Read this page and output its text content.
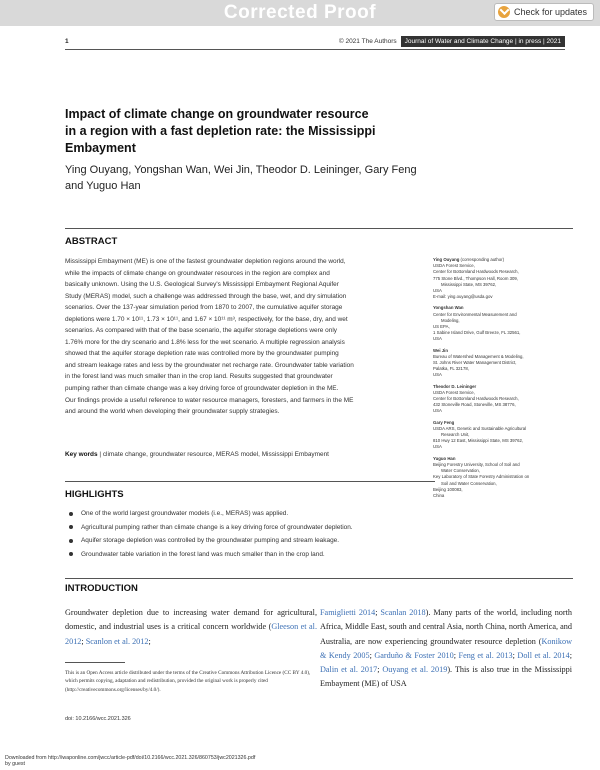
Corrected Proof	Check for updates
1	© 2021 The Authors	Journal of Water and Climate Change | in press | 2021
Impact of climate change on groundwater resource
in a region with a fast depletion rate: the Mississippi
Embayment
Ying Ouyang, Yongshan Wan, Wei Jin, Theodor D. Leininger, Gary Feng
and Yuguo Han
ABSTRACT
Mississippi Embayment (ME) is one of the fastest groundwater depletion regions around the world,
while the impacts of climate change on groundwater resources in the region are complex and
basically unknown. Using the U.S. Geological Survey's Mississippi Embayment Regional Aquifer
Study (MERAS) model, such a challenge was addressed through the base, wet, and dry simulation
scenarios. Over the 137-year simulation period from 1870 to 2007, the cumulative aquifer storage
depletions were 1.70 × 10¹¹, 1.73 × 10¹¹, and 1.67 × 10¹¹ m³, respectively, for the base, dry, and wet
scenarios. As compared with that of the base scenario, the aquifer storage depletions were only
1.76% more for the dry scenario and 1.8% less for the wet scenario. A multiple regression analysis
showed that the aquifer storage depletion rate was controlled more by the groundwater pumping
and stream leakage rates and less by the groundwater net recharge rate. Groundwater table variation
in the forest land was much smaller than in the crop land. Results suggested that groundwater
pumping rather than climate change was a key driving force of groundwater depletion in the ME.
Our findings provide a useful reference to water resource managers, foresters, and farmers in the ME
and around the world when developing their groundwater supply strategies.
Key words | climate change, groundwater resource, MERAS model, Mississippi Embayment
Ying Ouyang (corresponding author)
USDA Forest Service,
Center for Bottomland Hardwoods Research,
775 Stone Blvd., Thompson Hall, Room 309,
Mississippi State, MS 39762,
USA
E-mail: ying.ouyang@usda.gov
Yongshan Wan
Center for Environmental Measurement and
Modeling,
US EPA,
1 Sabine Island Drive, Gulf Breeze, FL 32561,
USA
Wei Jin
Bureau of Watershed Management & Modeling,
St. Johns River Water Management District,
Palatka, FL 32178,
USA
Theodor D. Leininger
USDA Forest Service,
Center for Bottomland Hardwoods Research,
432 Stoneville Road, Stoneville, MS 38776,
USA
Gary Feng
USDA ARS, Genetic and Sustainable Agricultural
Research Unit,
810 Hwy 12 East, Mississippi State, MS 39762,
USA
Yuguo Han
Beijing Forestry University, School of Soil and
Water Conservation,
Key Laboratory of State Forestry Administration on
Soil and Water Conservation,
Beijing 100083,
China
HIGHLIGHTS
One of the world largest groundwater models (i.e., MERAS) was applied.
Agricultural pumping rather than climate change is a key driving force of groundwater depletion.
Aquifer storage depletion was controlled by the groundwater pumping and stream leakage.
Groundwater table variation in the forest land was much smaller than in the crop land.
INTRODUCTION
Groundwater depletion due to increasing water demand for agricultural, domestic, and industrial uses is a critical concern worldwide (Gleeson et al. 2012; Scanlon et al. 2012;
Famiglietti 2014; Scanlan 2018). Many parts of the world, including north Africa, Middle East, south and central Asia, north China, north America, and Australia, are now experiencing groundwater resource depletion (Konikow & Kendy 2005; Garduño & Foster 2010; Feng et al. 2013; Doll et al. 2014; Dalin et al. 2017; Ouyang et al. 2019). This is also true in the Mississippi Embayment (ME) of USA
This is an Open Access article distributed under the terms of the Creative Commons Attribution Licence (CC BY 4.0), which permits copying, adaptation and redistribution, provided the original work is properly cited (http://creativecommons.org/licenses/by/4.0/).
doi: 10.2166/wcc.2021.326
Downloaded from http://iwaponline.com/jwcc/article-pdf/doi/10.2166/wcc.2021.326/860753/jwc2021326.pdf
by guest
